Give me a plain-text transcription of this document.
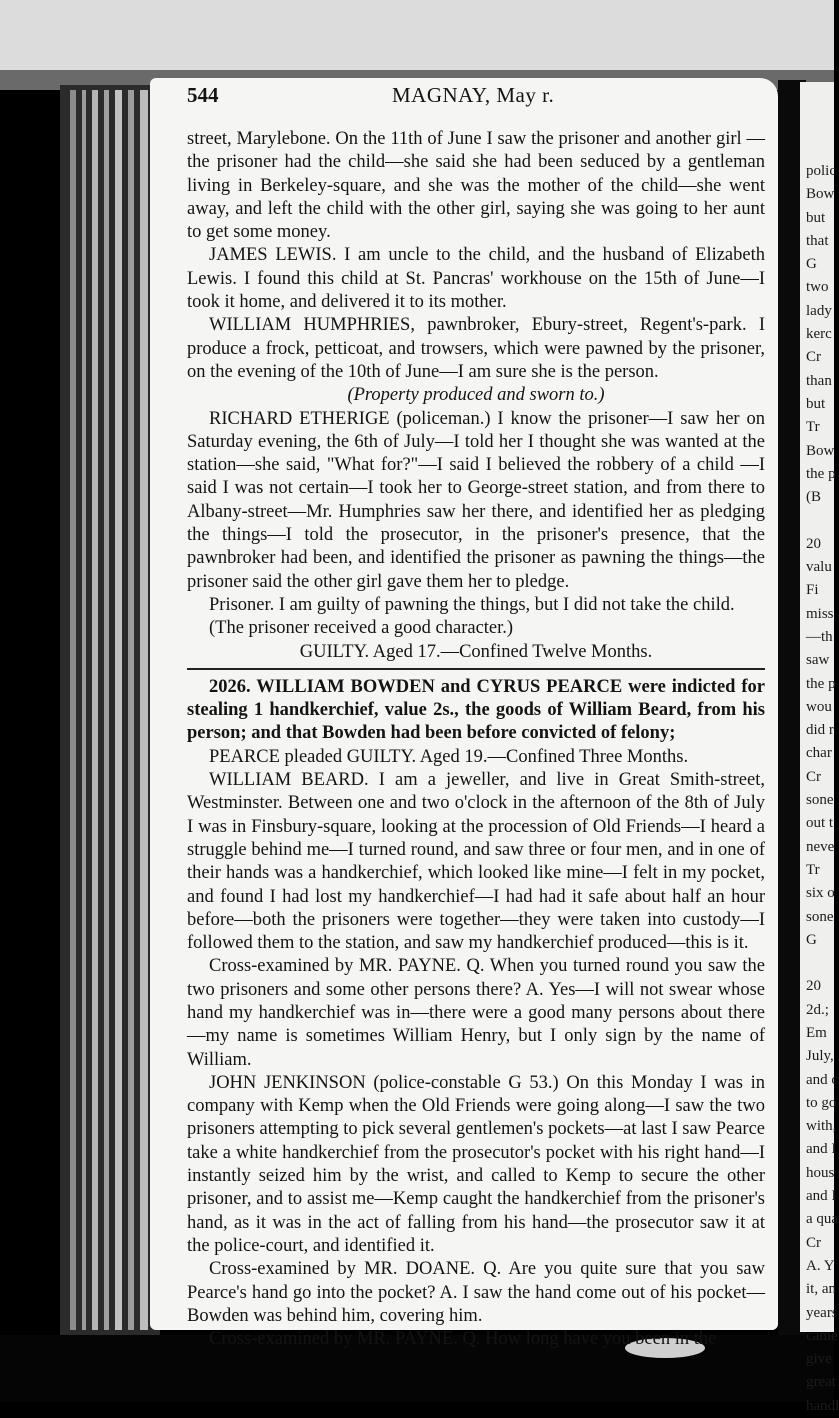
544	MAGNAY, May r.

street, Marylebone. On the 11th of June I saw the prisoner and another girl —the prisoner had the child—she said she had been seduced by a gentleman living in Berkeley-square, and she was the mother of the child—she went away, and left the child with the other girl, saying she was going to her aunt to get some money.

JAMES LEWIS. I am uncle to the child, and the husband of Elizabeth Lewis. I found this child at St. Pancras' workhouse on the 15th of June—I took it home, and delivered it to its mother.

WILLIAM HUMPHRIES, pawnbroker, Ebury-street, Regent's-park. I produce a frock, petticoat, and trowsers, which were pawned by the prisoner, on the evening of the 10th of June—I am sure she is the person.

(Property produced and sworn to.)

RICHARD ETHERIGE (policeman.) I know the prisoner—I saw her on Saturday evening, the 6th of July—I told her I thought she was wanted at the station—she said, "What for?"—I said I believed the robbery of a child —I said I was not certain—I took her to George-street station, and from there to Albany-street—Mr. Humphries saw her there, and identified her as pledging the things—I told the prosecutor, in the prisoner's presence, that the pawnbroker had been, and identified the prisoner as pawning the things—the prisoner said the other girl gave them her to pledge.

Prisoner. I am guilty of pawning the things, but I did not take the child.

(The prisoner received a good character.)

GUILTY. Aged 17.—Confined Twelve Months.

2026. WILLIAM BOWDEN and CYRUS PEARCE were indicted for stealing 1 handkerchief, value 2s., the goods of William Beard, from his person; and that Bowden had been before convicted of felony;

PEARCE pleaded GUILTY. Aged 19.—Confined Three Months.

WILLIAM BEARD. I am a jeweller, and live in Great Smith-street, Westminster. Between one and two o'clock in the afternoon of the 8th of July I was in Finsbury-square, looking at the procession of Old Friends—I heard a struggle behind me—I turned round, and saw three or four men, and in one of their hands was a handkerchief, which looked like mine—I felt in my pocket, and found I had lost my handkerchief—I had had it safe about half an hour before—both the prisoners were together—they were taken into custody—I followed them to the station, and saw my handkerchief produced—this is it.

Cross-examined by MR. PAYNE. Q. When you turned round you saw the two prisoners and some other persons there? A. Yes—I will not swear whose hand my handkerchief was in—there were a good many persons about there—my name is sometimes William Henry, but I only sign by the name of William.

JOHN JENKINSON (police-constable G 53.) On this Monday I was in company with Kemp when the Old Friends were going along—I saw the two prisoners attempting to pick several gentlemen's pockets—at last I saw Pearce take a white handkerchief from the prosecutor's pocket with his right hand—I instantly seized him by the wrist, and called to Kemp to secure the other prisoner, and to assist me—Kemp caught the handkerchief from the prisoner's hand, as it was in the act of falling from his hand—the prosecutor saw it at the police-court, and identified it.

Cross-examined by MR. DOANE. Q. Are you quite sure that you saw Pearce's hand go into the pocket? A. I saw the hand come out of his pocket—Bowden was behind him, covering him.

Cross-examined by MR. PAYNE. Q. How long have you been in the

polic
Bow
but
that
G
two
lady
kerc
Cr
than
but
Tr
Bow
the p
(B

20
valu
Fi
miss
—th
saw
the p
wou
did r
char
Cr
sone
out t
neve
Tr
six o
sone
G

20
2d.;
Em
July,
and c
to go
with,
and I
hous
and I
a qua
Cr
A. Y
it, an
years
came
give
great
handl
